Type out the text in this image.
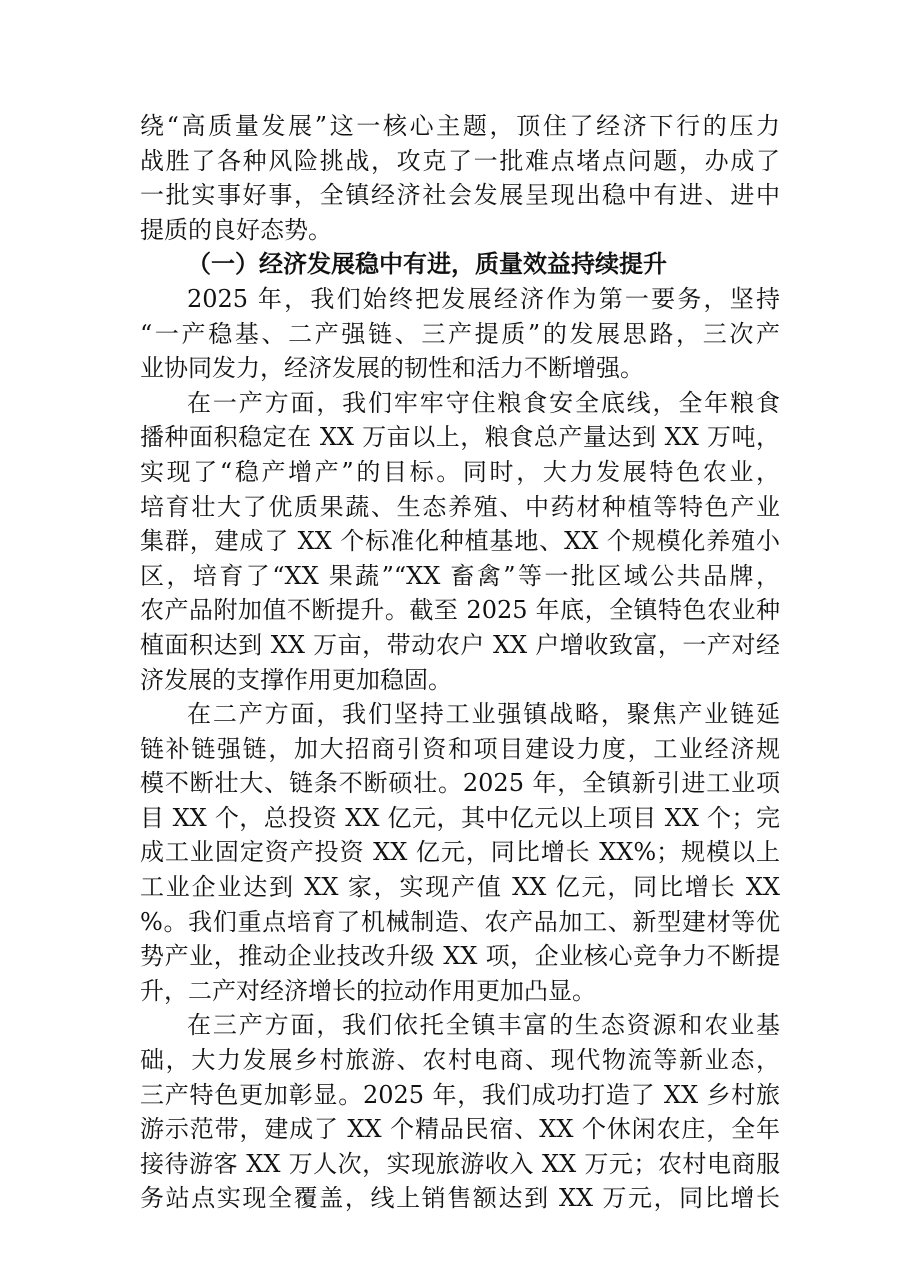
绕“高质量发展”这一核心主题，顶住了经济下行的压力
战胜了各种风险挑战，攻克了一批难点堵点问题，办成了
一批实事好事，全镇经济社会发展呈现出稳中有进、进中
提质的良好态势。
（一）经济发展稳中有进，质量效益持续提升
2025 年，我们始终把发展经济作为第一要务，坚持
“一产稳基、二产强链、三产提质”的发展思路，三次产
业协同发力，经济发展的韧性和活力不断增强。
在一产方面，我们牢牢守住粮食安全底线，全年粮食
播种面积稳定在 XX 万亩以上，粮食总产量达到 XX 万吨，
实现了“稳产增产”的目标。同时，大力发展特色农业，
培育壮大了优质果蔬、生态养殖、中药材种植等特色产业
集群，建成了 XX 个标准化种植基地、XX 个规模化养殖小
区，培育了“XX 果蔬”“XX 畜禽”等一批区域公共品牌，
农产品附加值不断提升。截至 2025 年底，全镇特色农业种
植面积达到 XX 万亩，带动农户 XX 户增收致富，一产对经
济发展的支撑作用更加稳固。
在二产方面，我们坚持工业强镇战略，聚焦产业链延
链补链强链，加大招商引资和项目建设力度，工业经济规
模不断壮大、链条不断硕壮。2025 年，全镇新引进工业项
目 XX 个，总投资 XX 亿元，其中亿元以上项目 XX 个；完
成工业固定资产投资 XX 亿元，同比增长 XX%；规模以上
工业企业达到 XX 家，实现产值 XX 亿元，同比增长 XX
%。我们重点培育了机械制造、农产品加工、新型建材等优
势产业，推动企业技改升级 XX 项，企业核心竞争力不断提
升，二产对经济增长的拉动作用更加凸显。
在三产方面，我们依托全镇丰富的生态资源和农业基
础，大力发展乡村旅游、农村电商、现代物流等新业态，
三产特色更加彰显。2025 年，我们成功打造了 XX 乡村旅
游示范带，建成了 XX 个精品民宿、XX 个休闲农庄，全年
接待游客 XX 万人次，实现旅游收入 XX 万元；农村电商服
务站点实现全覆盖，线上销售额达到 XX 万元，同比增长
